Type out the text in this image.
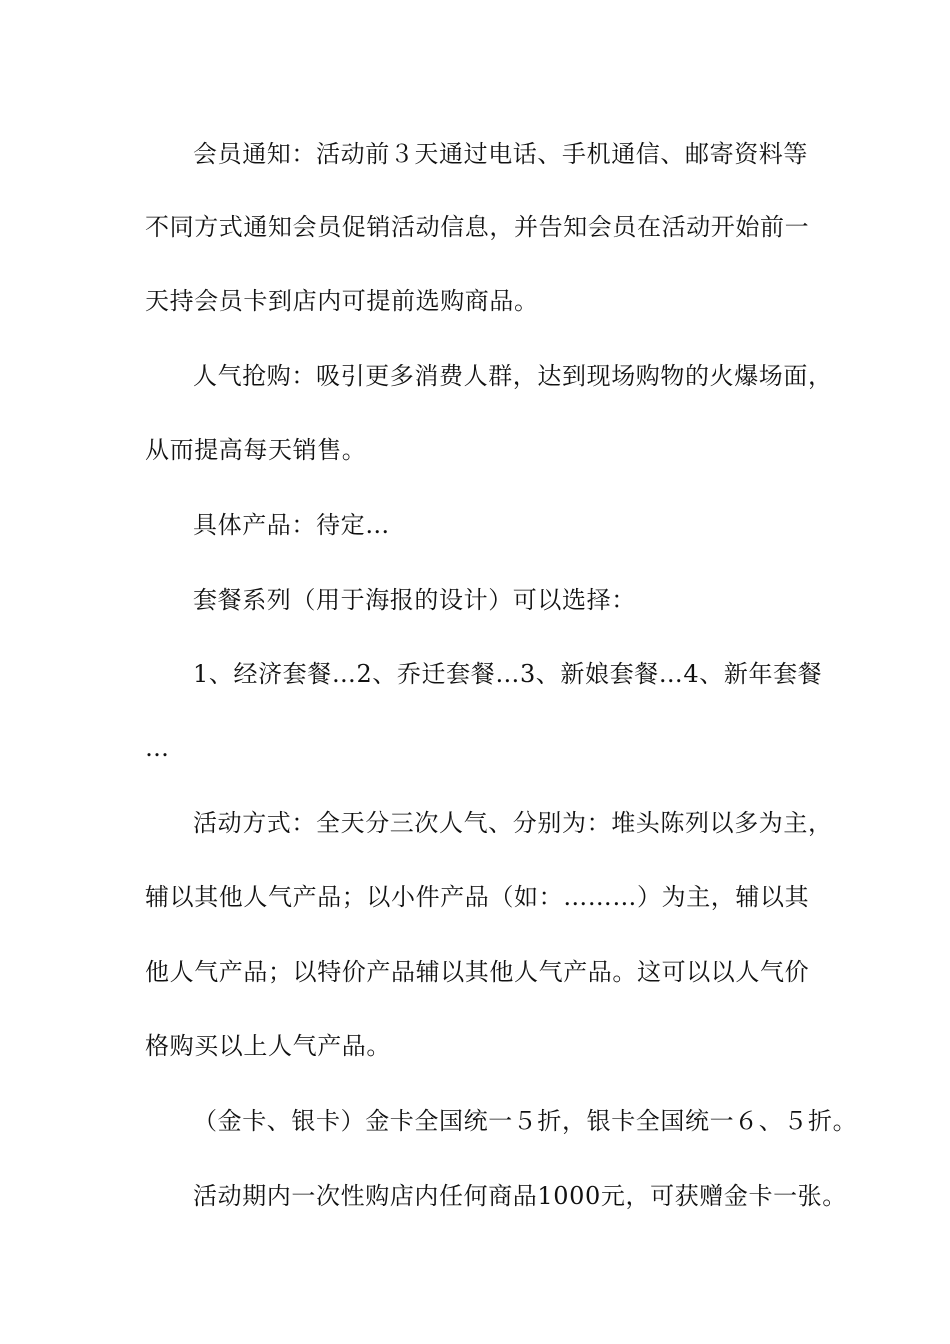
会员通知：活动前３天通过电话、手机通信、邮寄资料等
不同方式通知会员促销活动信息，并告知会员在活动开始前一
天持会员卡到店内可提前选购商品。
人气抢购：吸引更多消费人群，达到现场购物的火爆场面，
从而提高每天销售。
具体产品：待定…
套餐系列（用于海报的设计）可以选择：
1、经济套餐…2、乔迁套餐…3、新娘套餐…4、新年套餐
…
活动方式：全天分三次人气、分别为：堆头陈列以多为主，
辅以其他人气产品；以小件产品（如：………）为主，辅以其
他人气产品；以特价产品辅以其他人气产品。这可以以人气价
格购买以上人气产品。
（金卡、银卡）金卡全国统一５折，银卡全国统一６、５折。
活动期内一次性购店内任何商品1000元，可获赠金卡一张。
